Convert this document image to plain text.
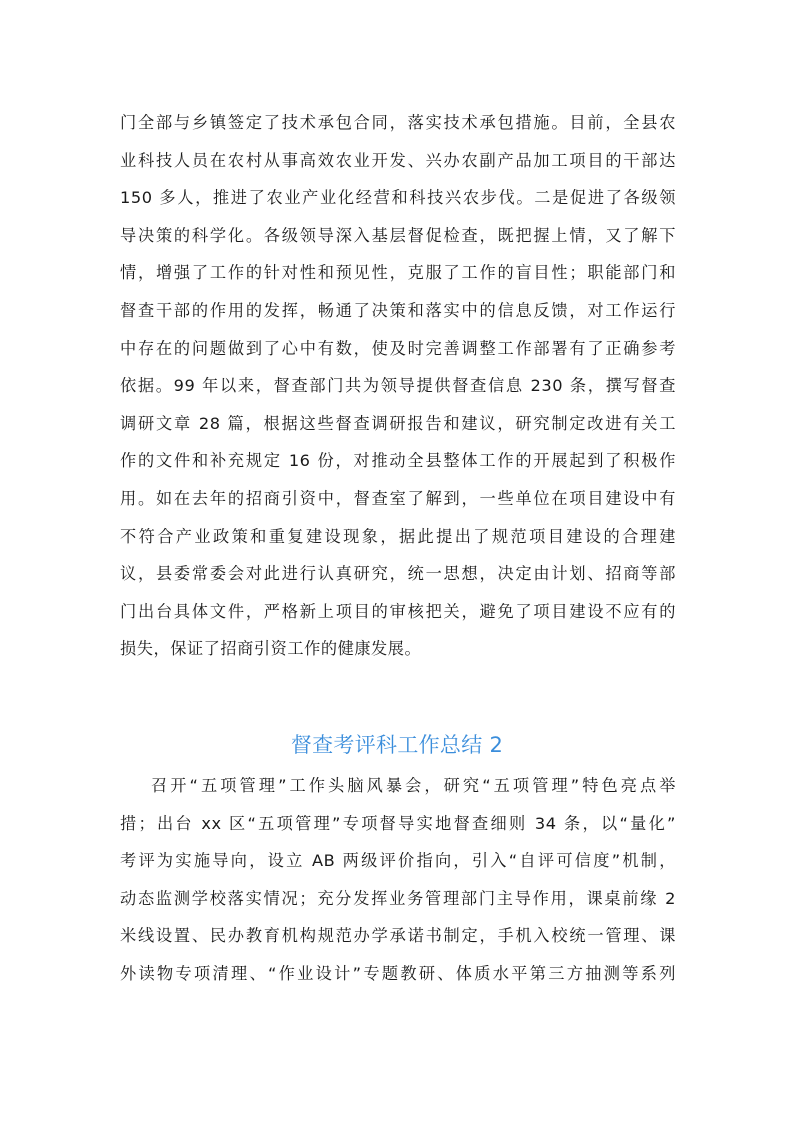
门全部与乡镇签定了技术承包合同，落实技术承包措施。目前，全县农
业科技人员在农村从事高效农业开发、兴办农副产品加工项目的干部达
150 多人，推进了农业产业化经营和科技兴农步伐。二是促进了各级领
导决策的科学化。各级领导深入基层督促检查，既把握上情，又了解下
情，增强了工作的针对性和预见性，克服了工作的盲目性；职能部门和
督查干部的作用的发挥，畅通了决策和落实中的信息反馈，对工作运行
中存在的问题做到了心中有数，使及时完善调整工作部署有了正确参考
依据。99 年以来，督查部门共为领导提供督查信息 230 条，撰写督查
调研文章 28 篇，根据这些督查调研报告和建议，研究制定改进有关工
作的文件和补充规定 16 份，对推动全县整体工作的开展起到了积极作
用。如在去年的招商引资中，督查室了解到，一些单位在项目建设中有
不符合产业政策和重复建设现象，据此提出了规范项目建设的合理建
议，县委常委会对此进行认真研究，统一思想，决定由计划、招商等部
门出台具体文件，严格新上项目的审核把关，避免了项目建设不应有的
损失，保证了招商引资工作的健康发展。
督查考评科工作总结 2
召开“五项管理”工作头脑风暴会，研究“五项管理”特色亮点举
措；出台 xx 区“五项管理”专项督导实地督查细则 34 条，以“量化”
考评为实施导向，设立 AB 两级评价指向，引入“自评可信度”机制，
动态监测学校落实情况；充分发挥业务管理部门主导作用，课桌前缘 2
米线设置、民办教育机构规范办学承诺书制定，手机入校统一管理、课
外读物专项清理、“作业设计”专题教研、体质水平第三方抽测等系列
